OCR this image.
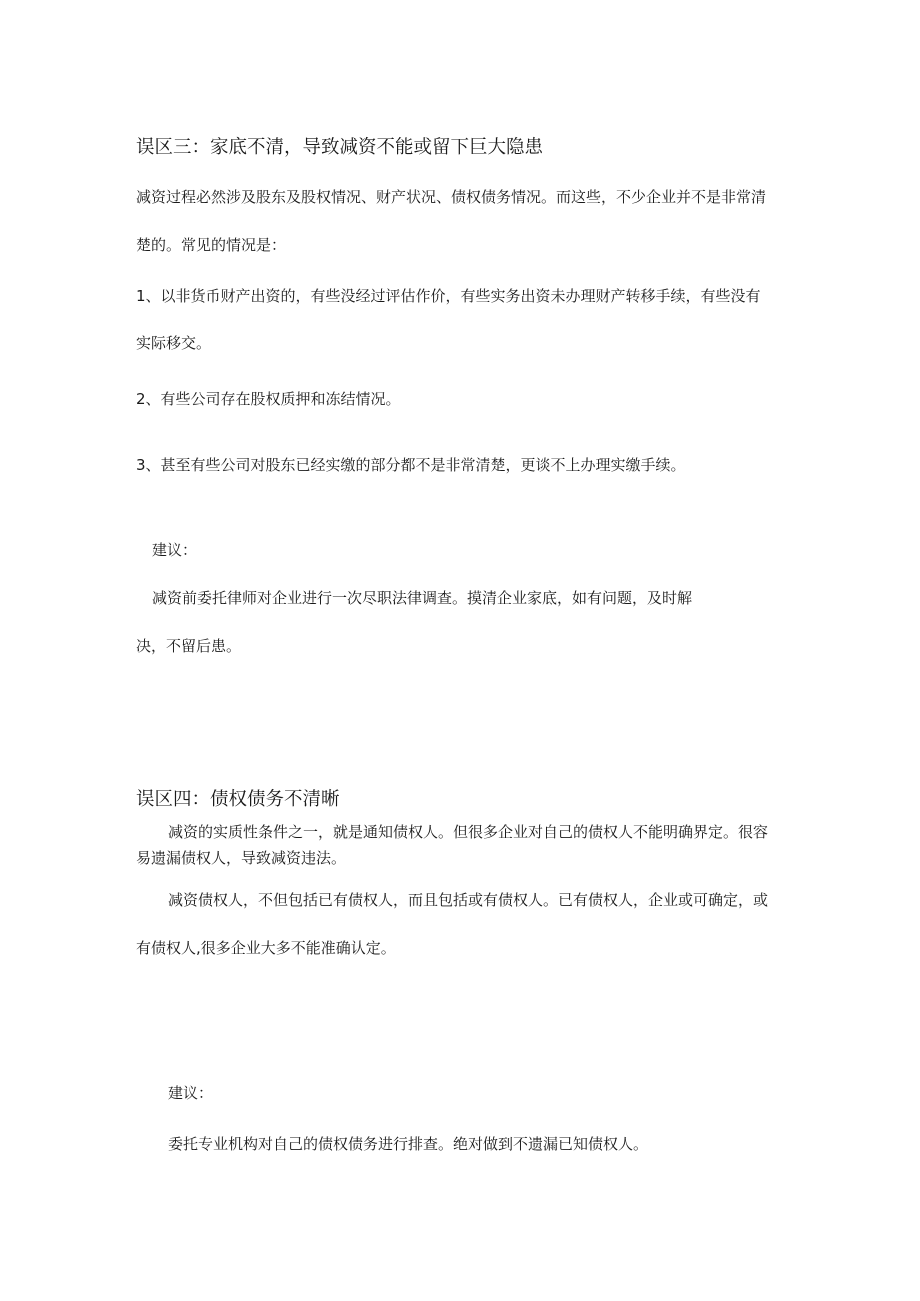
误区三：家底不清，导致减资不能或留下巨大隐患
减资过程必然涉及股东及股权情况、财产状况、债权债务情况。而这些，不少企业并不是非常清
楚的。常见的情况是：
1、以非货币财产出资的，有些没经过评估作价，有些实务出资未办理财产转移手续，有些没有
实际移交。
2、有些公司存在股权质押和冻结情况。
3、甚至有些公司对股东已经实缴的部分都不是非常清楚，更谈不上办理实缴手续。
建议：
减资前委托律师对企业进行一次尽职法律调查。摸清企业家底，如有问题，及时解
决，不留后患。
误区四：债权债务不清晰
减资的实质性条件之一，就是通知债权人。但很多企业对自己的债权人不能明确界定。很容
易遗漏债权人，导致减资违法。
减资债权人，不但包括已有债权人，而且包括或有债权人。已有债权人，企业或可确定，或
有债权人,很多企业大多不能准确认定。
建议：
委托专业机构对自己的债权债务进行排查。绝对做到不遗漏已知债权人。
